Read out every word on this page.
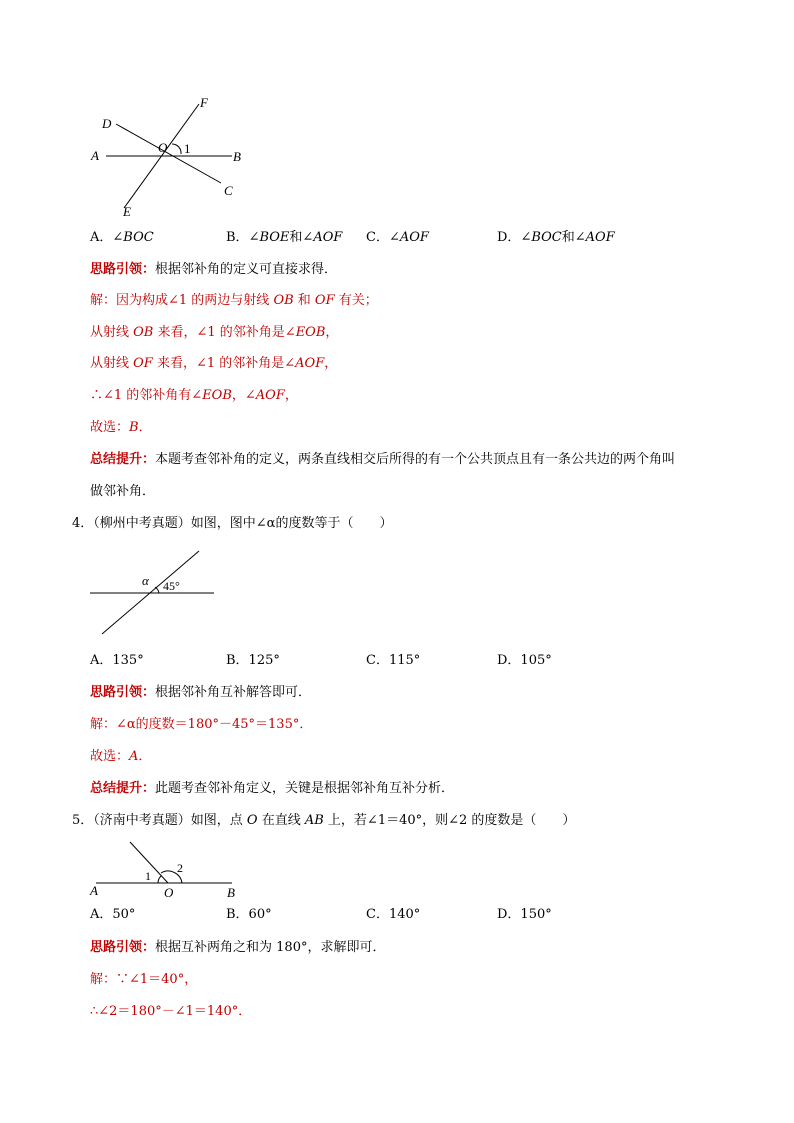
D
F
A
O 1
B
C
E
A．∠BOC	B．∠BOE和∠AOF C．∠AOF	D．∠BOC和∠AOF
思路引领：根据邻补角的定义可直接求得．
解：因为构成∠1 的两边与射线 OB 和 OF 有关；
从射线 OB 来看，∠1 的邻补角是∠EOB，
从射线 OF 来看，∠1 的邻补角是∠AOF，
∴∠1 的邻补角有∠EOB，∠AOF，
故选：B．
总结提升：本题考查邻补角的定义，两条直线相交后所得的有一个公共顶点且有一条公共边的两个角叫
做邻补角．
4．（柳州中考真题）如图，图中∠α的度数等于（　　）
α 45°
A．135°	B．125°	C．115°	D．105°
思路引领：根据邻补角互补解答即可．
解：∠α的度数＝180°－45°＝135°．
故选：A．
总结提升：此题考查邻补角定义，关键是根据邻补角互补分析．
5．（济南中考真题）如图，点 O 在直线 AB 上，若∠1＝40°，则∠2 的度数是（　　）
A
1
O
2
B
A．50°	B．60°	C．140°	D．150°
思路引领：根据互补两角之和为 180°，求解即可．
解：∵∠1＝40°，
∴∠2＝180°－∠1＝140°．
